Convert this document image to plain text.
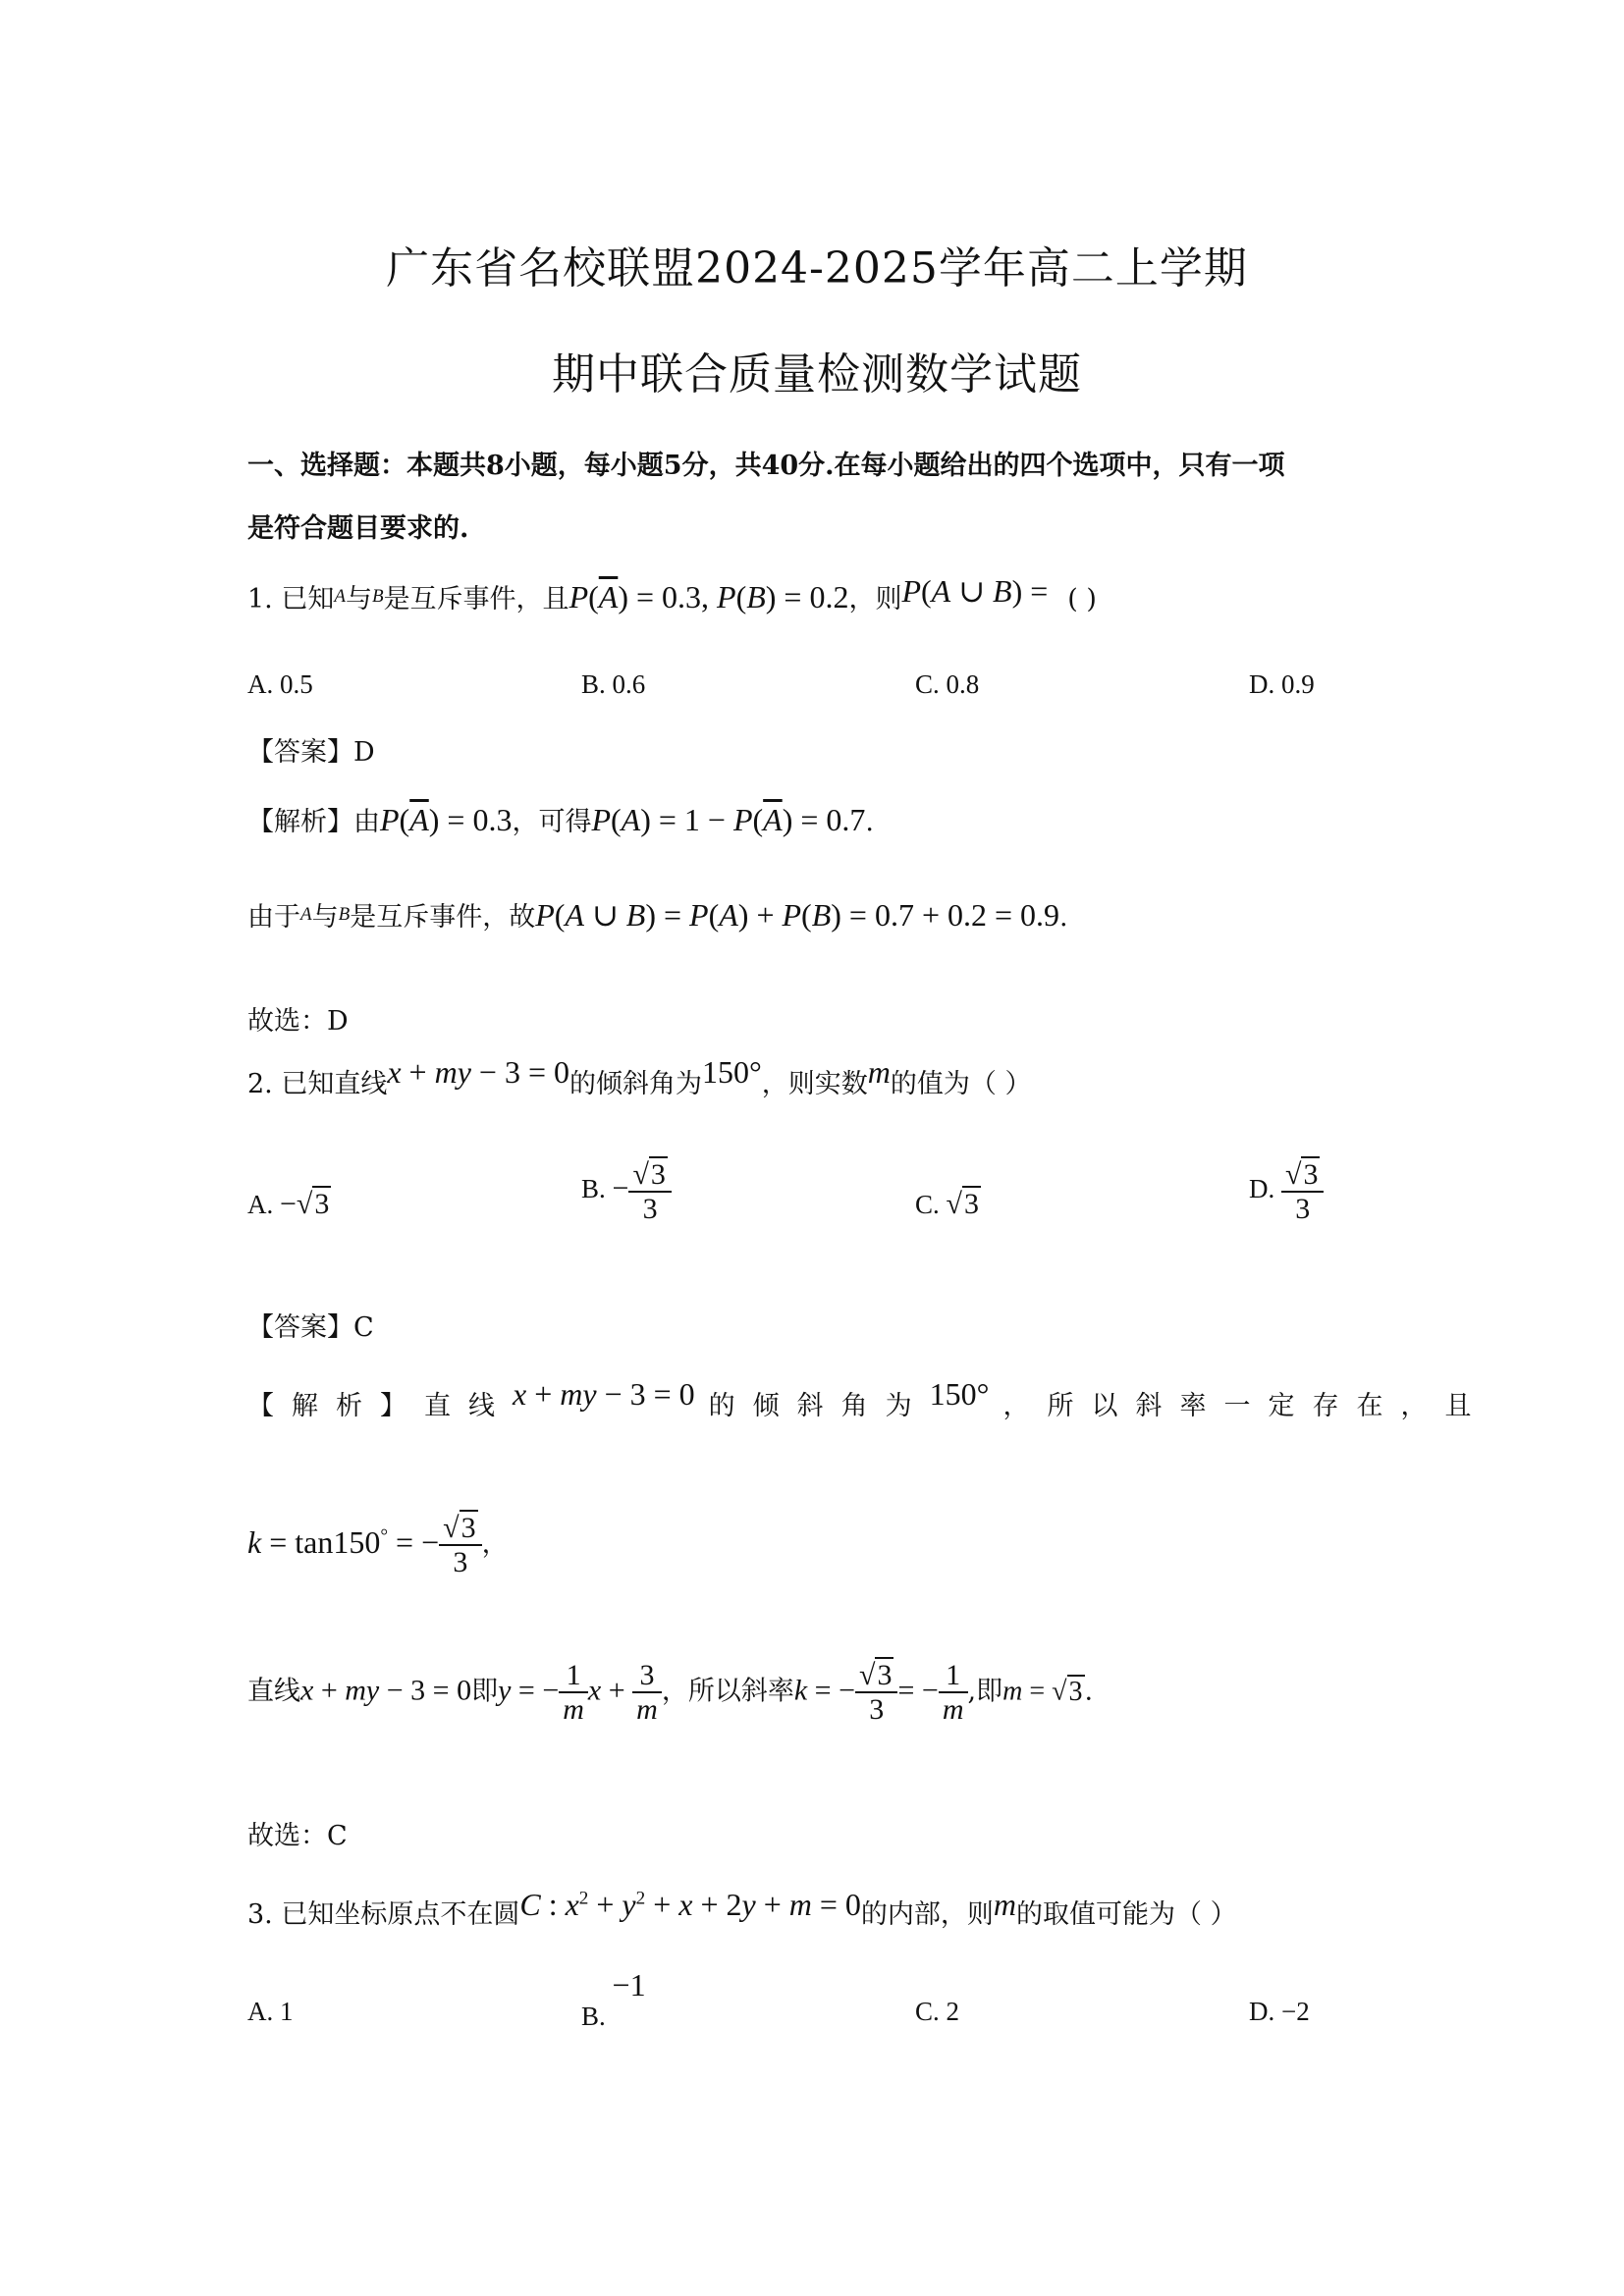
广东省名校联盟2024-2025学年高二上学期
期中联合质量检测数学试题
一、选择题：本题共8小题，每小题5分，共40分.在每小题给出的四个选项中，只有一项
是符合题目要求的.
1. 已知$^A$与$^B$是互斥事件，且$P(\overline{A}) = 0.3$, P(B) = 0.2，则P(A ∪ B) = ( )
A. 0.5	B. 0.6	C. 0.8	D. 0.9
【答案】D
【解析】由$P(\overline{A}) = 0.3$，可得$P(A) = 1 - P(\overline{A}) = 0.7$.
由于$^A$与$^B$是互斥事件，故P(A ∪ B) = P(A) + P(B) = 0.7 + 0.2 = 0.9.
故选：D
2. 已知直线x + my − 3 = 0的倾斜角为150°，则实数m的值为（ ）
A. −√3	B. − $\frac{√3}{3}$	C. √3	D. $\frac{√3}{3}$
【答案】C
【解析】直线x + my − 3 = 0 的倾斜角为150° ，所以斜率一定存在，且
k = tan150° = − $\frac{√3}{3}$ ，
直线x + my − 3 = 0即y = − $\frac{1}{m}$ $x + \frac{3}{m}$ ，所以斜率k = − $\frac{√3}{3}$ = − $\frac{1}{m}$ ,即m = √3.
故选：C
3. 已知坐标原点不在圆C : $x^2 + y^2 + x + 2y + m = 0$的内部，则m的取值可能为（ ）
A. 1	B. −1
C. 2	D. −2
